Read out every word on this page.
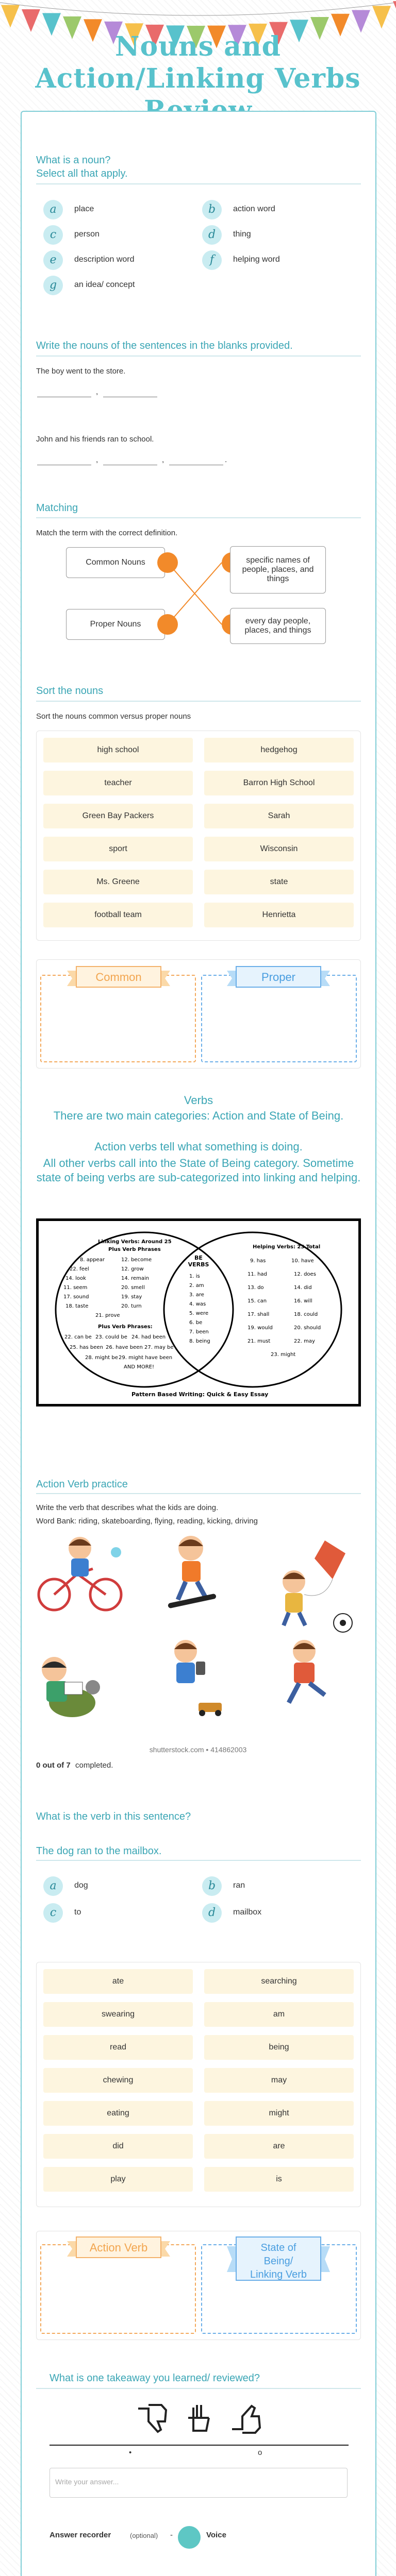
Nouns and Action/Linking Verbs
What is a noun?
Select all that apply.
a	place	b	action word
c	person	d	thing
e	description word	f	helping word
g	an idea/ concept
Write the nouns of the sentences in the blanks provided.
The boy went to the store.
,
John and his friends ran to school.
,	,	.
Matching
Match the term with the correct definition.
Common Nouns	specific names of people, places, and things
Proper Nouns	every day people, places, and things
Sort the nouns
Sort the nouns common versus proper nouns
high school	hedgehog
teacher	Barron High School
Green Bay Packers	Sarah
sport	Wisconsin
Ms. Greene	state
football team	Henrietta
Common	Proper
Verbs
There are two main categories: Action and State of Being.
Action verbs tell what something is doing.
All other verbs call into the State of Being category. Sometime state of being verbs are sub-categorized into linking and helping.
Linking Verbs: Around 25
Plus Verb Phrases
8. appear	12. become
22. feel	12. grow
14. look	14. remain
11. seem	20. smell
17. sound	19. stay
18. taste	20. turn
21. prove
Plus Verb Phrases:
22. can be 23. could be 24. had been
25. has been 26. have been 27. may be
28. might be 29. might have been
AND MORE!
BE VERBS
1. is
2. am
3. are
4. was
5. were
6. be
7. been
8. being
Helping Verbs: 23 Total
9. has	10. have
11. had	12. does
13. do	14. did
15. can	16. will
17. shall	18. could
19. would	20. should
21. must	22. may
23. might
Pattern Based Writing: Quick & Easy Essay
Action Verb practice
Write the verb that describes what the kids are doing.
Word Bank: riding, skateboarding, flying, reading, kicking, driving
shutterstock.com • 414862003
0 out of 7 completed.
What is the verb in this sentence?
The dog ran to the mailbox.
a	dog	b	ran
c	to	d	mailbox
ate	searching
swearing	am
read	being
chewing	may
eating	might
did	are
play	is
Action Verb	State of Being/ Linking Verb
What is one takeaway you learned/ reviewed?
•	o
Write your answer...
Answer recorder	(optional) -	Voice
